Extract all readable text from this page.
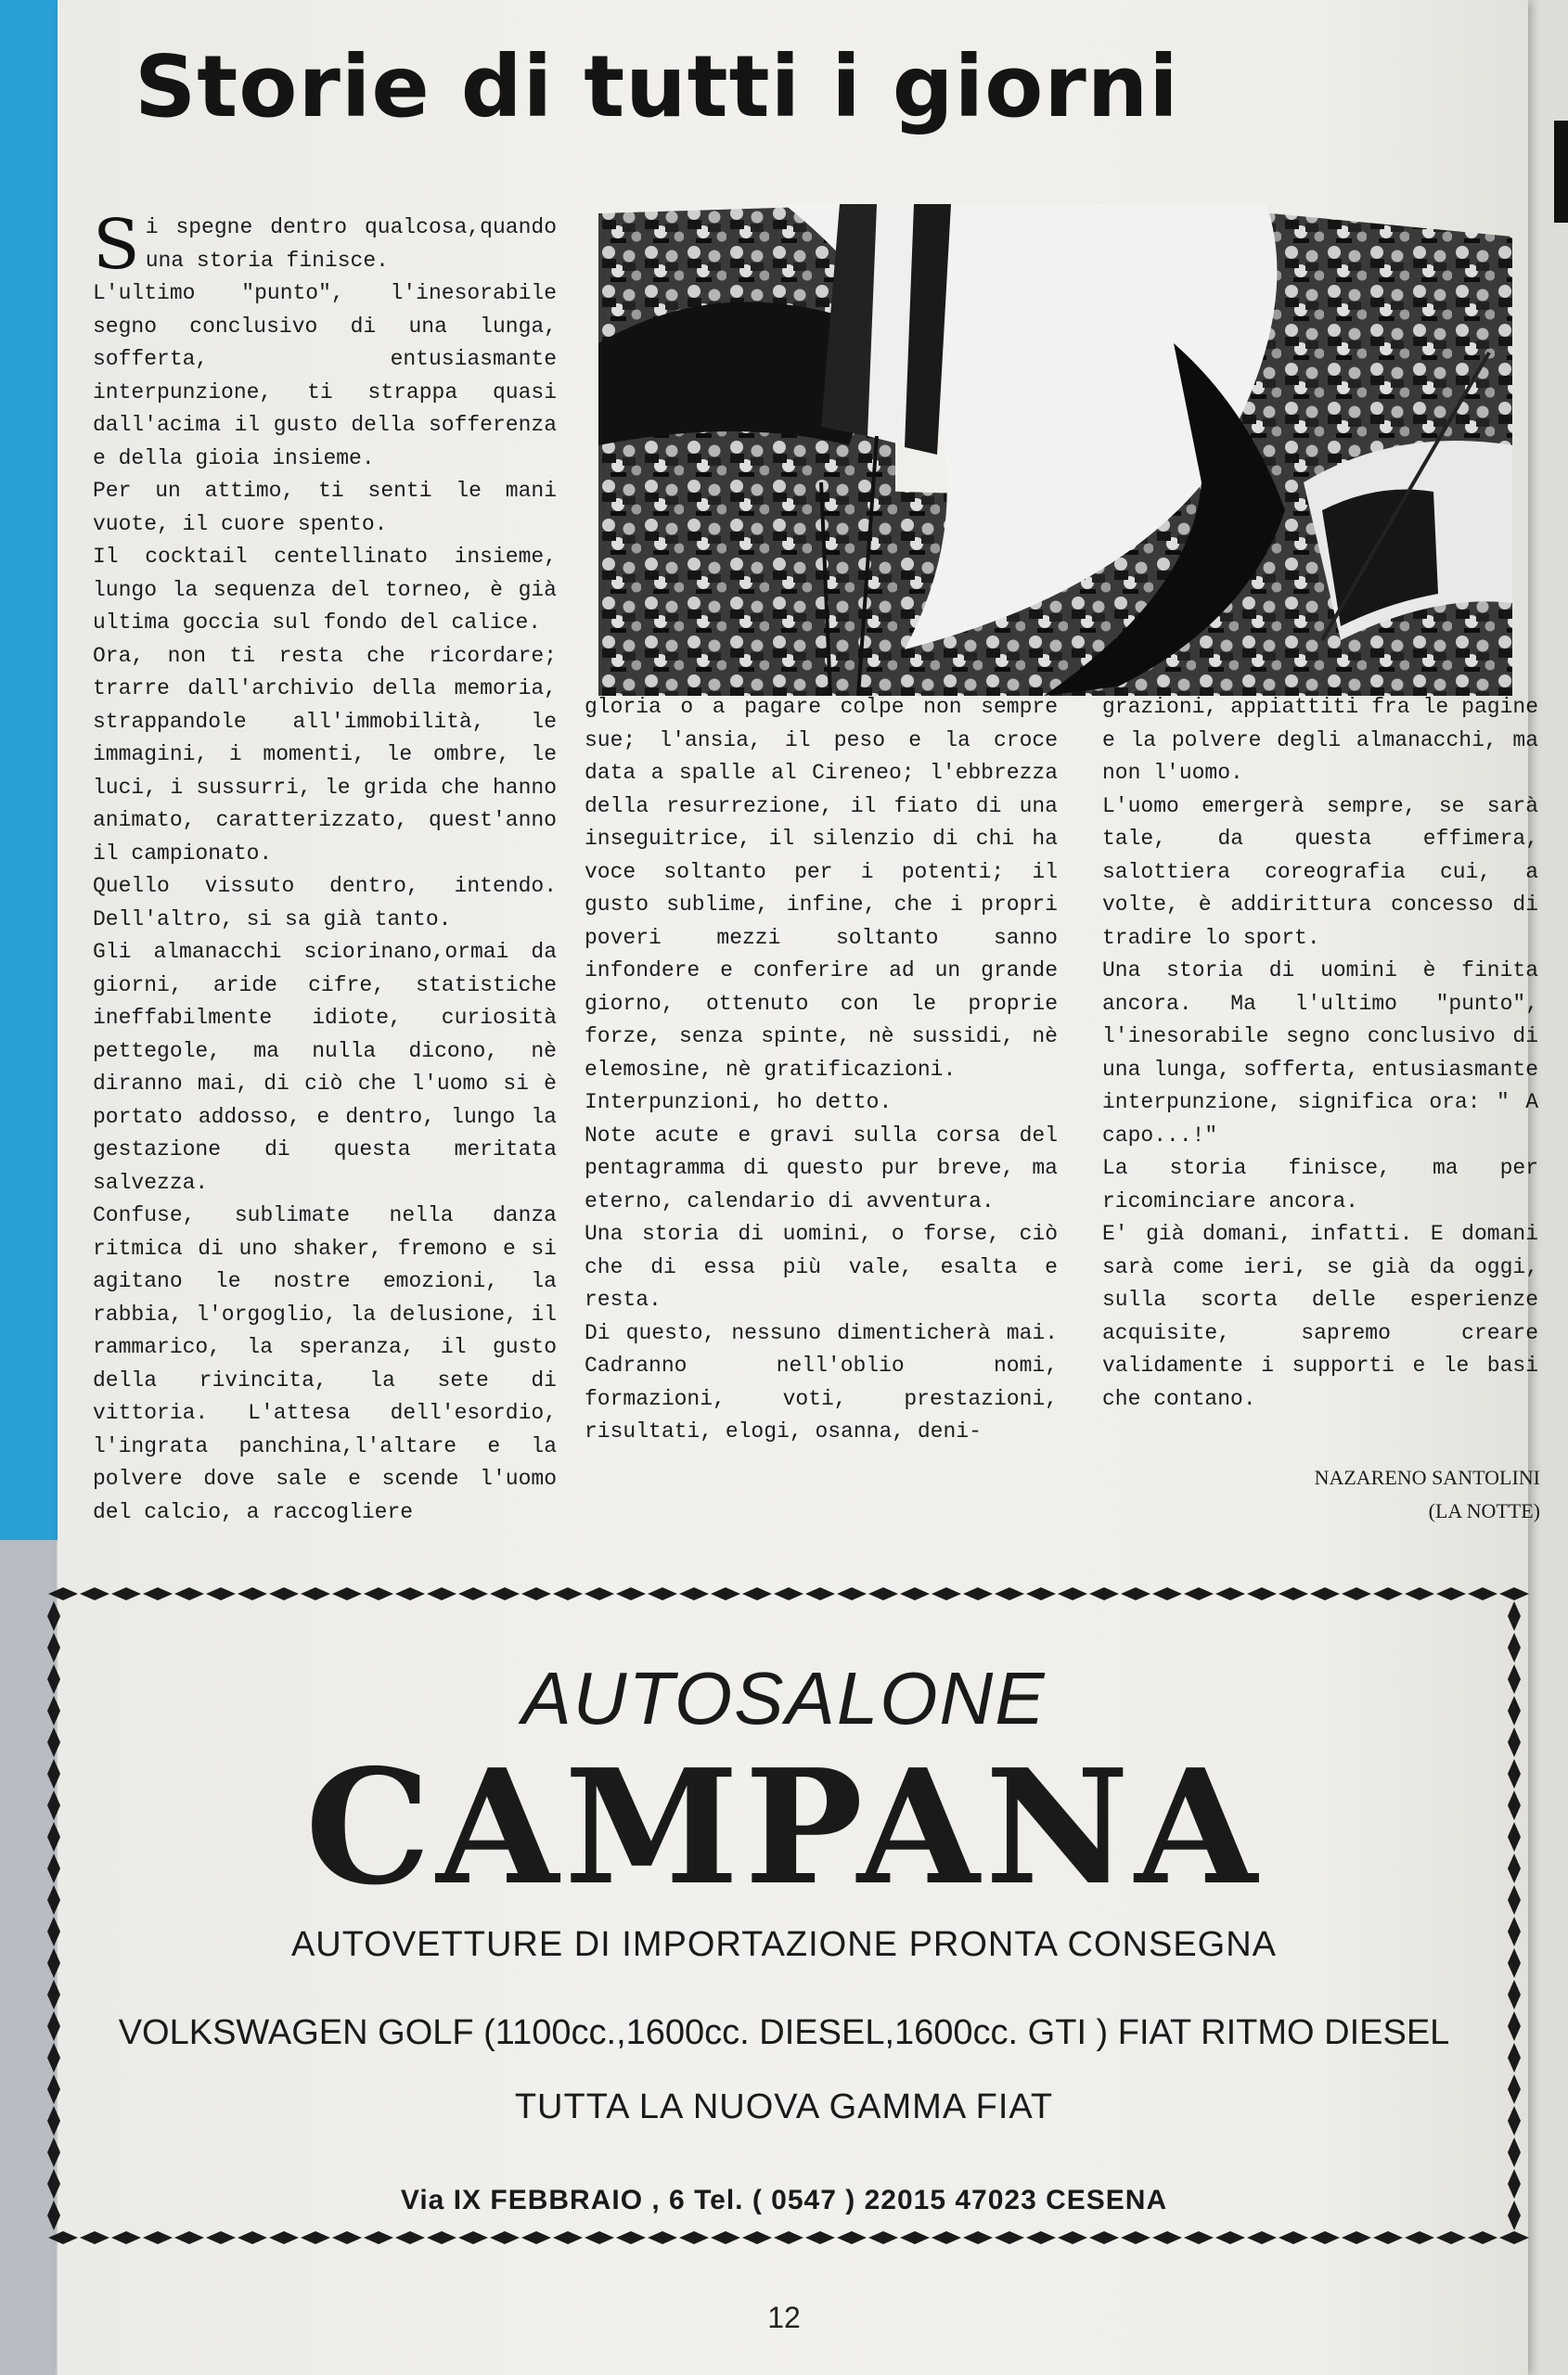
Storie di tutti i giorni

Si spegne dentro qualcosa,quando una storia finisce.

L'ultimo "punto", l'inesorabile segno conclusivo di una lunga, sofferta, entusiasmante interpunzione, ti strappa quasi dall'acima il gusto della sofferenza e della gioia insieme.

Per un attimo, ti senti le mani vuote, il cuore spento.

Il cocktail centellinato insieme, lungo la sequenza del torneo, è già ultima goccia sul fondo del calice.

Ora, non ti resta che ricordare; trarre dall'archivio della memoria, strappandole all'immobilità, le immagini, i momenti, le ombre, le luci, i sussurri, le grida che hanno animato, caratterizzato, quest'anno il campionato.

Quello vissuto dentro, intendo. Dell'altro, si sa già tanto.

Gli almanacchi sciorinano,ormai da giorni, aride cifre, statistiche ineffabilmente idiote, curiosità pettegole, ma nulla dicono, nè diranno mai, di ciò che l'uomo si è portato addosso, e dentro, lungo la gestazione di questa meritata salvezza.

Confuse, sublimate nella danza ritmica di uno shaker, fremono e si agitano le nostre emozioni, la rabbia, l'orgoglio, la delusione, il rammarico, la speranza, il gusto della rivincita, la sete di vittoria. L'attesa dell'esordio, l'ingrata panchina,l'altare e la polvere dove sale e scende l'uomo del calcio, a raccogliere

gloria o a pagare colpe non sempre sue; l'ansia, il peso e la croce data a spalle al Cireneo; l'ebbrezza della resurrezione, il fiato di una inseguitrice, il silenzio di chi ha voce soltanto per i potenti; il gusto sublime, infine, che i propri poveri mezzi soltanto sanno infondere e conferire ad un grande giorno, ottenuto con le proprie forze, senza spinte, nè sussidi, nè elemosine, nè gratificazioni.

Interpunzioni, ho detto.

Note acute e gravi sulla corsa del pentagramma di questo pur breve, ma eterno, calendario di avventura.

Una storia di uomini, o forse, ciò che di essa più vale, esalta e resta.

Di questo, nessuno dimenticherà mai. Cadranno nell'oblio nomi, formazioni, voti, prestazioni, risultati, elogi, osanna, deni-

grazioni, appiattiti fra le pagine e la polvere degli almanacchi, ma non l'uomo.

L'uomo emergerà sempre, se sarà tale, da questa effimera, salottiera coreografia cui, a volte, è addirittura concesso di tradire lo sport.

Una storia di uomini è finita ancora. Ma l'ultimo "punto", l'inesorabile segno conclusivo di una lunga, sofferta, entusiasmante interpunzione, significa ora: " A capo...!"

La storia finisce, ma per ricominciare ancora.

E' già domani, infatti. E domani sarà come ieri, se già da oggi, sulla scorta delle esperienze acquisite, sapremo creare validamente i supporti e le basi che contano.

NAZARENO SANTOLINI
(LA NOTTE)

AUTOSALONE

CAMPANA

AUTOVETTURE DI IMPORTAZIONE PRONTA CONSEGNA

VOLKSWAGEN GOLF (1100cc.,1600cc. DIESEL,1600cc. GTI ) FIAT RITMO DIESEL

TUTTA LA NUOVA GAMMA FIAT

Via IX FEBBRAIO , 6 Tel. ( 0547 ) 22015 47023 CESENA

12
